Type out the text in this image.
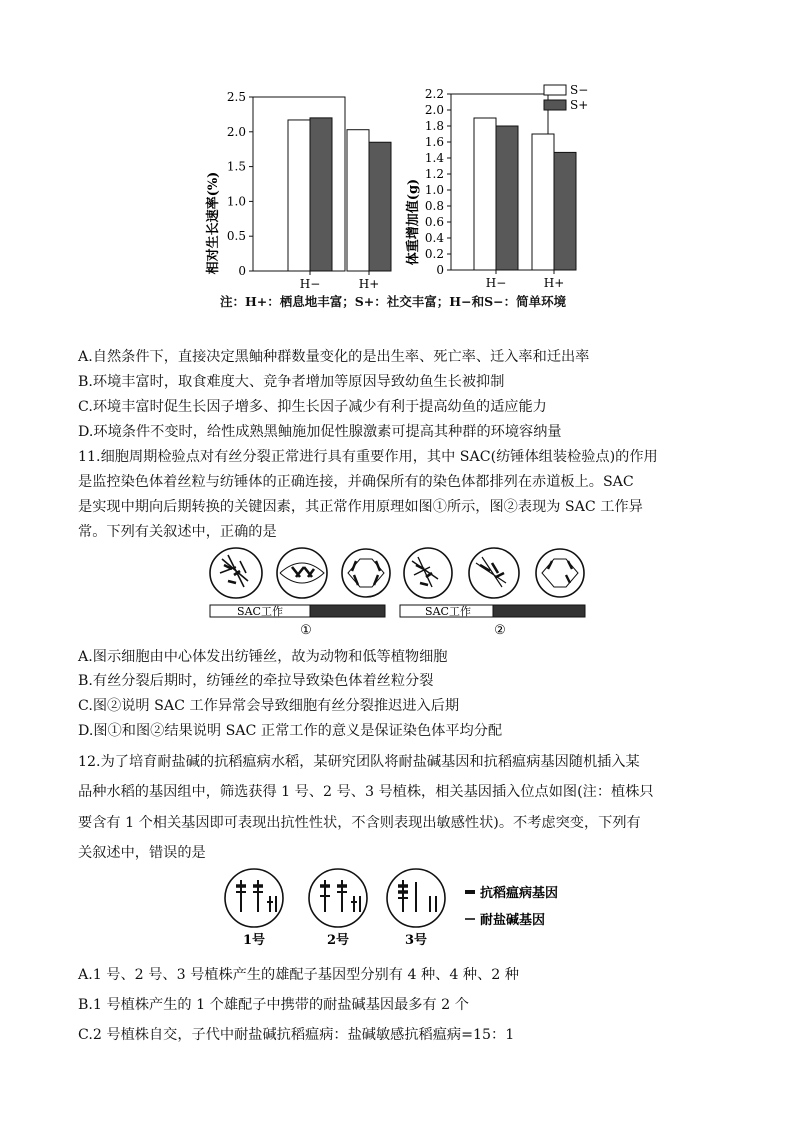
0
0.5
1.0
1.5
2.0
2.5
H−	H+
相对生长速率(%)	0
0.2
0.4
0.6
0.8
1.0
1.2
1.4
1.6
1.8
2.0
2.2
H−	H+
体重增加值(g)
S−
S+
注：H+：栖息地丰富；S+：社交丰富；H−和S−：简单环境
A.自然条件下，直接决定黑鲉种群数量变化的是出生率、死亡率、迁入率和迁出率
B.环境丰富时，取食难度大、竞争者增加等原因导致幼鱼生长被抑制
C.环境丰富时促生长因子增多、抑生长因子减少有利于提高幼鱼的适应能力
D.环境条件不变时，给性成熟黑鲉施加促性腺激素可提高其种群的环境容纳量
11.细胞周期检验点对有丝分裂正常进行具有重要作用，其中 SAC(纺锤体组装检验点)的作用
是监控染色体着丝粒与纺锤体的正确连接，并确保所有的染色体都排列在赤道板上。SAC
是实现中期向后期转换的关键因素，其正常作用原理如图①所示，图②表现为 SAC 工作异
常。下列有关叙述中，正确的是
SAC工作	SAC工作
①	②
A.图示细胞由中心体发出纺锤丝，故为动物和低等植物细胞
B.有丝分裂后期时，纺锤丝的牵拉导致染色体着丝粒分裂
C.图②说明 SAC 工作异常会导致细胞有丝分裂推迟进入后期
D.图①和图②结果说明 SAC 正常工作的意义是保证染色体平均分配
12.为了培育耐盐碱的抗稻瘟病水稻，某研究团队将耐盐碱基因和抗稻瘟病基因随机插入某
品种水稻的基因组中，筛选获得 1 号、2 号、3 号植株，相关基因插入位点如图(注：植株只
要含有 1 个相关基因即可表现出抗性性状，不含则表现出敏感性状)。不考虑突变，下列有
关叙述中，错误的是
1号	2号	3号
抗稻瘟病基因
耐盐碱基因
A.1 号、2 号、3 号植株产生的雄配子基因型分别有 4 种、4 种、2 种
B.1 号植株产生的 1 个雄配子中携带的耐盐碱基因最多有 2 个
C.2 号植株自交，子代中耐盐碱抗稻瘟病：盐碱敏感抗稻瘟病=15：1
